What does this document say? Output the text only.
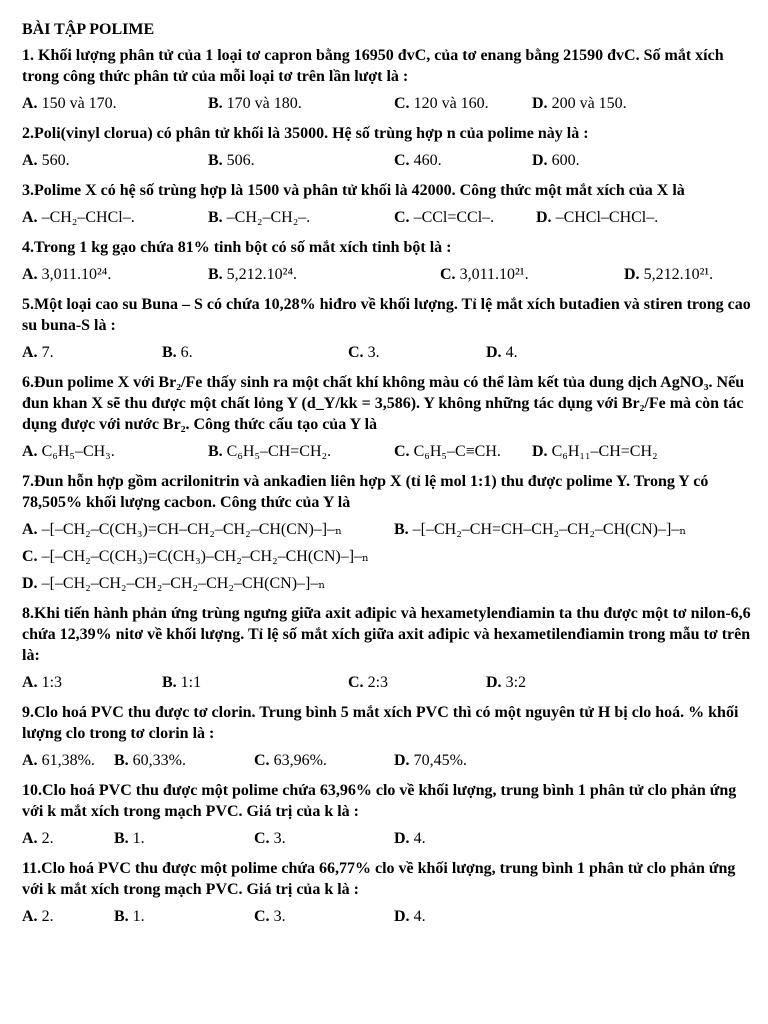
BÀI TẬP POLIME
1. Khối lượng phân tử của 1 loại tơ capron bằng 16950 đvC, của tơ enang bằng 21590 đvC. Số mắt xích trong công thức phân tử của mỗi loại tơ trên lần lượt là :
A. 150 và 170.	B. 170 và 180.	C. 120 và 160.	D. 200 và 150.
2.Poli(vinyl clorua) có phân tử khối là 35000. Hệ số trùng hợp n của polime này là :
A. 560.	B. 506.	C. 460.	D. 600.
3.Polime X có hệ số trùng hợp là 1500 và phân tử khối là 42000. Công thức một mắt xích của X là
A. –CH₂–CHCl–.	B. –CH₂–CH₂–.	C. –CCl=CCl–.	D. –CHCl–CHCl–.
4.Trong 1 kg gạo chứa 81% tinh bột có số mắt xích tinh bột là :
A. 3,011.10²⁴.	B. 5,212.10²⁴.	C. 3,011.10²¹.	D. 5,212.10²¹.
5.Một loại cao su Buna – S có chứa 10,28% hiđro về khối lượng. Tỉ lệ mắt xích butađien và stiren trong cao su buna-S là :
A. 7.	B. 6.	C. 3.	D. 4.
6.Đun polime X với Br₂/Fe thấy sinh ra một chất khí không màu có thể làm kết tủa dung dịch AgNO₃. Nếu đun khan X sẽ thu được một chất lỏng Y (d_Y/kk = 3,586). Y không những tác dụng với Br₂/Fe mà còn tác dụng được với nước Br₂. Công thức cấu tạo của Y là
A. C₆H₅–CH₃.	B. C₆H₅–CH=CH₂.	C. C₆H₅–C≡CH. D. C₆H₁₁–CH=CH₂
7.Đun hỗn hợp gồm acrilonitrin và ankađien liên hợp X (tỉ lệ mol 1:1) thu được polime Y. Trong Y có 78,505% khối lượng cacbon. Công thức của Y là
A. –[–CH₂–C(CH₃)=CH–CH₂–CH₂–CH(CN)–]–ₙ	B. –[–CH₂–CH=CH–CH₂–CH₂–CH(CN)–]–ₙ
C. –[–CH₂–C(CH₃)=C(CH₃)–CH₂–CH₂–CH(CN)–]–ₙ
D. –[–CH₂–CH₂–CH₂–CH₂–CH₂–CH(CN)–]–ₙ
8.Khi tiến hành phản ứng trùng ngưng giữa axit ađipic và hexametylenđiamin ta thu được một tơ nilon-6,6 chứa 12,39% nitơ về khối lượng. Tỉ lệ số mắt xích giữa axit ađipic và hexametilenđiamin trong mẫu tơ trên là:
A. 1:3	B. 1:1	C. 2:3	D. 3:2
9.Clo hoá PVC thu được tơ clorin. Trung bình 5 mắt xích PVC thì có một nguyên tử H bị clo hoá. % khối lượng clo trong tơ clorin là :
A. 61,38%. B. 60,33%.	C. 63,96%.	D. 70,45%.
10.Clo hoá PVC thu được một polime chứa 63,96% clo về khối lượng, trung bình 1 phân tử clo phản ứng với k mắt xích trong mạch PVC. Giá trị của k là :
A. 2.	B. 1.	C. 3.	D. 4.
11.Clo hoá PVC thu được một polime chứa 66,77% clo về khối lượng, trung bình 1 phân tử clo phản ứng với k mắt xích trong mạch PVC. Giá trị của k là :
A. 2.	B. 1.	C. 3.	D. 4.
